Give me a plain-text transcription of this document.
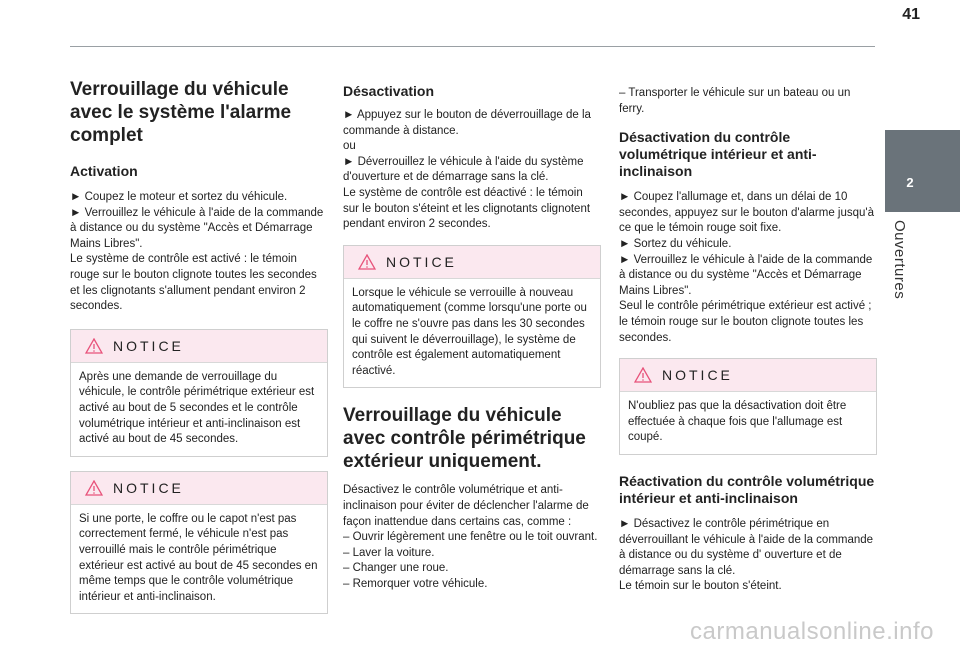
41
2
Ouvertures
Verrouillage du véhicule avec le système l'alarme complet
Activation

► Coupez le moteur et sortez du véhicule.

► Verrouillez le véhicule à l'aide de la commande à distance ou du système "Accès et Démarrage Mains Libres".

Le système de contrôle est activé : le témoin rouge sur le bouton clignote toutes les secondes et les clignotants s'allument pendant environ 2 secondes.

NOTICE

Après une demande de verrouillage du véhicule, le contrôle périmétrique extérieur est activé au bout de 5 secondes et le contrôle volumétrique intérieur et anti-inclinaison est activé au bout de 45 secondes.

NOTICE

Si une porte, le coffre ou le capot n'est pas correctement fermé, le véhicule n'est pas verrouillé mais le contrôle périmétrique extérieur est activé au bout de 45 secondes en même temps que le contrôle volumétrique intérieur et anti-inclinaison.

Désactivation

► Appuyez sur le bouton de déverrouillage de la commande à distance.

ou

► Déverrouillez le véhicule à l'aide du système d'ouverture et de démarrage sans la clé.

Le système de contrôle est déactivé : le témoin sur le bouton s'éteint et les clignotants clignotent pendant environ 2 secondes.

NOTICE

Lorsque le véhicule se verrouille à nouveau automatiquement (comme lorsqu'une porte ou le coffre ne s'ouvre pas dans les 30 secondes qui suivent le déverrouillage), le système de contrôle est également automatiquement réactivé.

Verrouillage du véhicule avec contrôle périmétrique extérieur uniquement.

Désactivez le contrôle volumétrique et anti-inclinaison pour éviter de déclencher l'alarme de façon inattendue dans certains cas, comme :

– Ouvrir légèrement une fenêtre ou le toit ouvrant.

– Laver la voiture.

– Changer une roue.

– Remorquer votre véhicule.

– Transporter le véhicule sur un bateau ou un ferry.

Désactivation du contrôle volumétrique intérieur et anti-inclinaison

► Coupez l'allumage et, dans un délai de 10 secondes, appuyez sur le bouton d'alarme jusqu'à ce que le témoin rouge soit fixe.

► Sortez du véhicule.

► Verrouillez le véhicule à l'aide de la commande à distance ou du système "Accès et Démarrage Mains Libres".

Seul le contrôle périmétrique extérieur est activé ; le témoin rouge sur le bouton clignote toutes les secondes.

NOTICE

N'oubliez pas que la désactivation doit être effectuée à chaque fois que l'allumage est coupé.

Réactivation du contrôle volumétrique intérieur et anti-inclinaison

► Désactivez le contrôle périmétrique en déverrouillant le véhicule à l'aide de la commande à distance ou du système d' ouverture et de démarrage sans la clé.

Le témoin sur le bouton s'éteint.

carmanualsonline.info
